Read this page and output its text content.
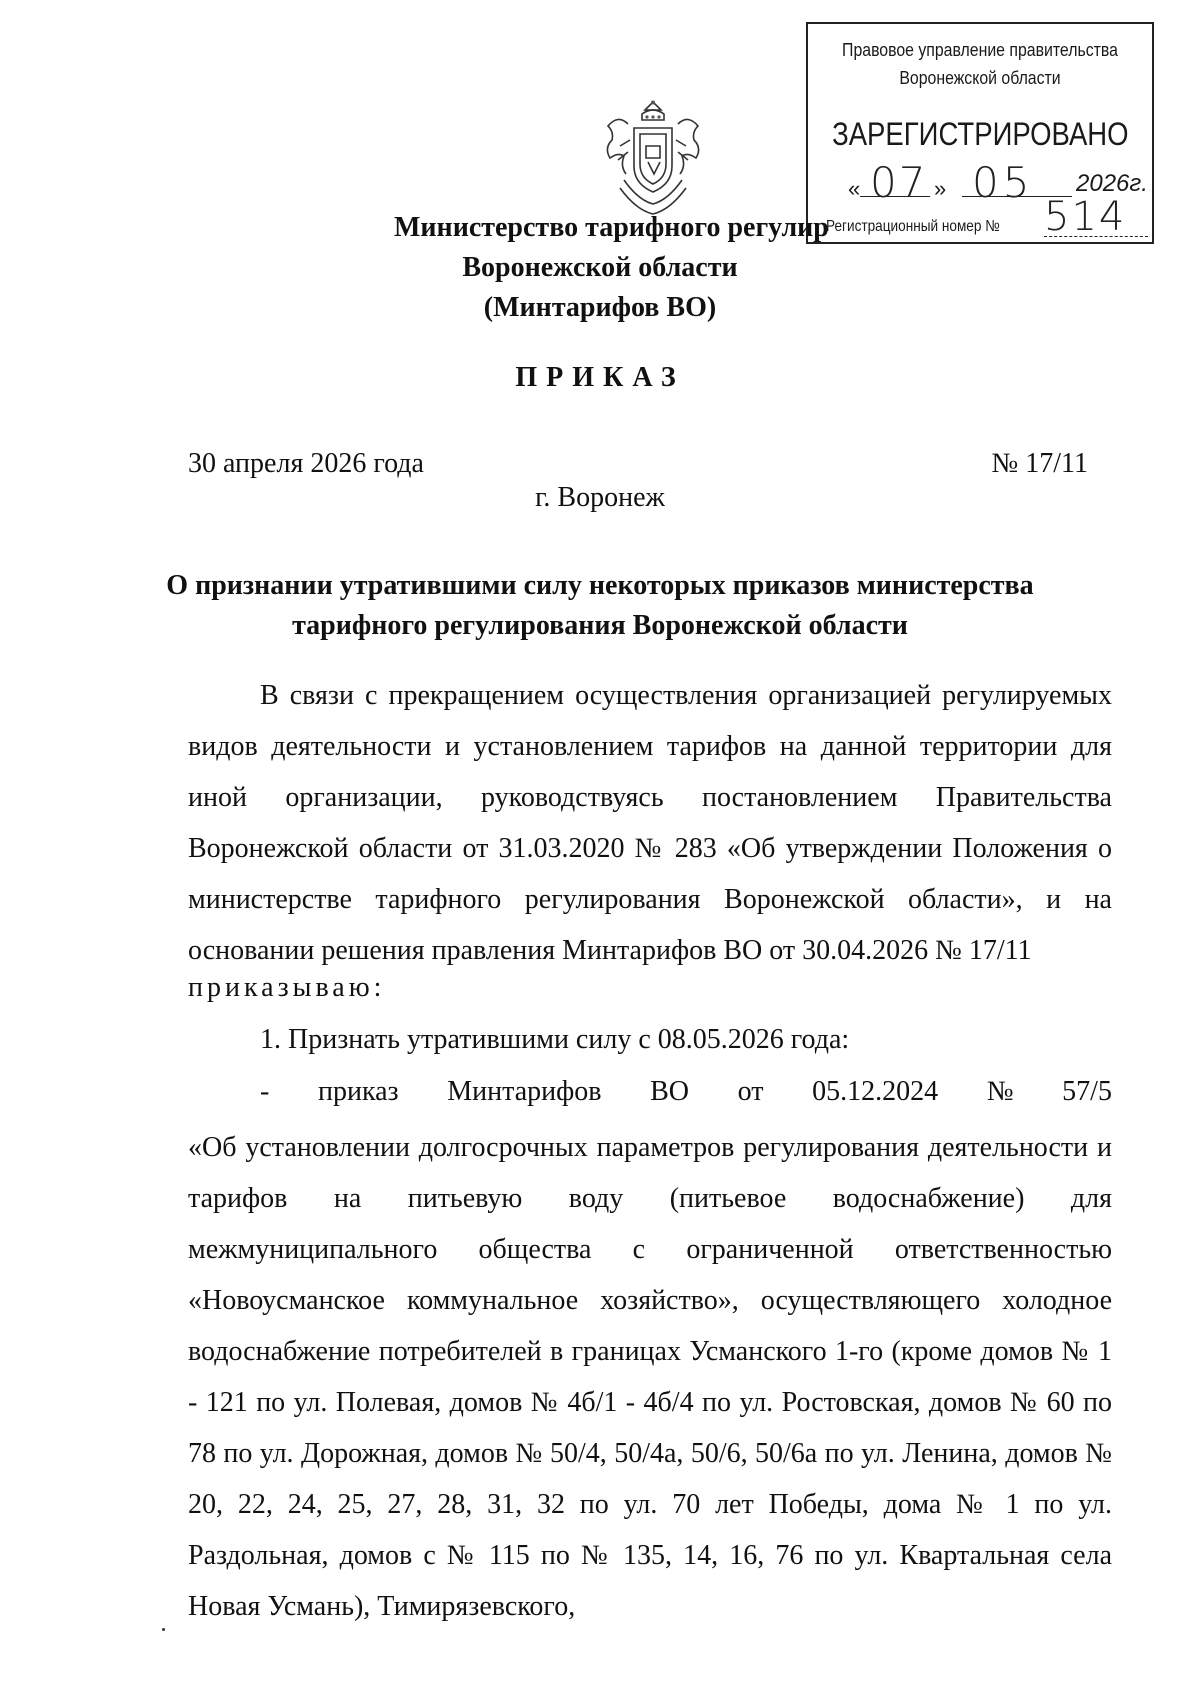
Правовое управление правительства
Воронежской области
ЗАРЕГИСТРИРОВАНО
« 07 » 05 2026г.
Регистрационный номер № 514
Министерство тарифного регулир
Воронежской области
(Минтарифов ВО)
ПРИКАЗ
30 апреля 2026 года	№ 17/11
г. Воронеж
О признании утратившими силу некоторых приказов министерства тарифного регулирования Воронежской области
В связи с прекращением осуществления организацией регулируемых видов деятельности и установлением тарифов на данной территории для иной организации, руководствуясь постановлением Правительства Воронежской области от 31.03.2020 № 283 «Об утверждении Положения о министерстве тарифного регулирования Воронежской области», и на основании решения правления Минтарифов ВО от 30.04.2026 № 17/11
приказываю:
1. Признать утратившими силу с 08.05.2026 года:
- приказ Минтарифов ВО от 05.12.2024 № 57/5
«Об установлении долгосрочных параметров регулирования деятельности и тарифов на питьевую воду (питьевое водоснабжение) для межмуниципального общества с ограниченной ответственностью «Новоусманское коммунальное хозяйство», осуществляющего холодное водоснабжение потребителей в границах Усманского 1-го (кроме домов № 1 - 121 по ул. Полевая, домов № 4б/1 - 4б/4 по ул. Ростовская, домов № 60 по 78 по ул. Дорожная, домов № 50/4, 50/4а, 50/6, 50/6а по ул. Ленина, домов № 20, 22, 24, 25, 27, 28, 31, 32 по ул. 70 лет Победы, дома № 1 по ул. Раздольная, домов с № 115 по № 135, 14, 16, 76 по ул. Квартальная села Новая Усмань), Тимирязевского,
